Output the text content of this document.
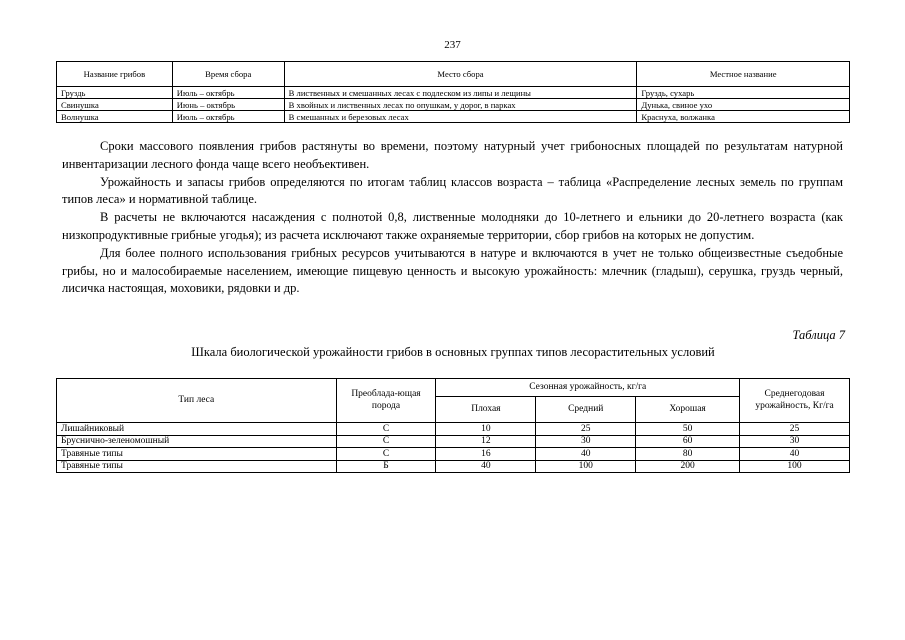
237
Название грибов	Время сбора	Место сбора	Местное название
Груздь	Июль – октябрь	В лиственных и смешанных лесах с подлеском из липы и лещины	Груздь, сухарь
Свинушка	Июнь – октябрь	В хвойных и лиственных лесах по опушкам, у дорог, в парках	Дунька, свиное ухо
Волнушка	Июль – октябрь	В смешанных и березовых лесах	Краснуха, волжанка

Сроки массового появления грибов растянуты во времени, поэтому натурный учет грибоносных площадей по результатам натурной инвентаризации лесного фонда чаще всего необъективен.

Урожайность и запасы грибов определяются по итогам таблиц классов возраста – таблица «Распределение лесных земель по группам типов леса» и нормативной таблице.

В расчеты не включаются насаждения с полнотой 0,8, лиственные молодняки до 10-летнего и ельники до 20-летнего возраста (как низкопродуктивные грибные угодья); из расчета исключают также охраняемые территории, сбор грибов на которых не допустим.

Для более полного использования грибных ресурсов учитываются в натуре и включаются в учет не только общеизвестные съедобные грибы, но и малособираемые населением, имеющие пищевую ценность и высокую урожайность: млечник (гладыш), серушка, груздь черный, лисичка настоящая, моховики, рядовки и др.

Таблица 7
Шкала биологической урожайности грибов в основных группах типов лесорастительных условий
Тип леса	Преоблада-ющая порода	Сезонная урожайность, кг/га			Среднегодовая урожайность, Кг/га
		Плохая	Средний	Хорошая	
Лишайниковый	С	10	25	50	25
Бруснично-зеленомошный	С	12	30	60	30
Травяные типы	С	16	40	80	40
Травяные типы	Б	40	100	200	100
